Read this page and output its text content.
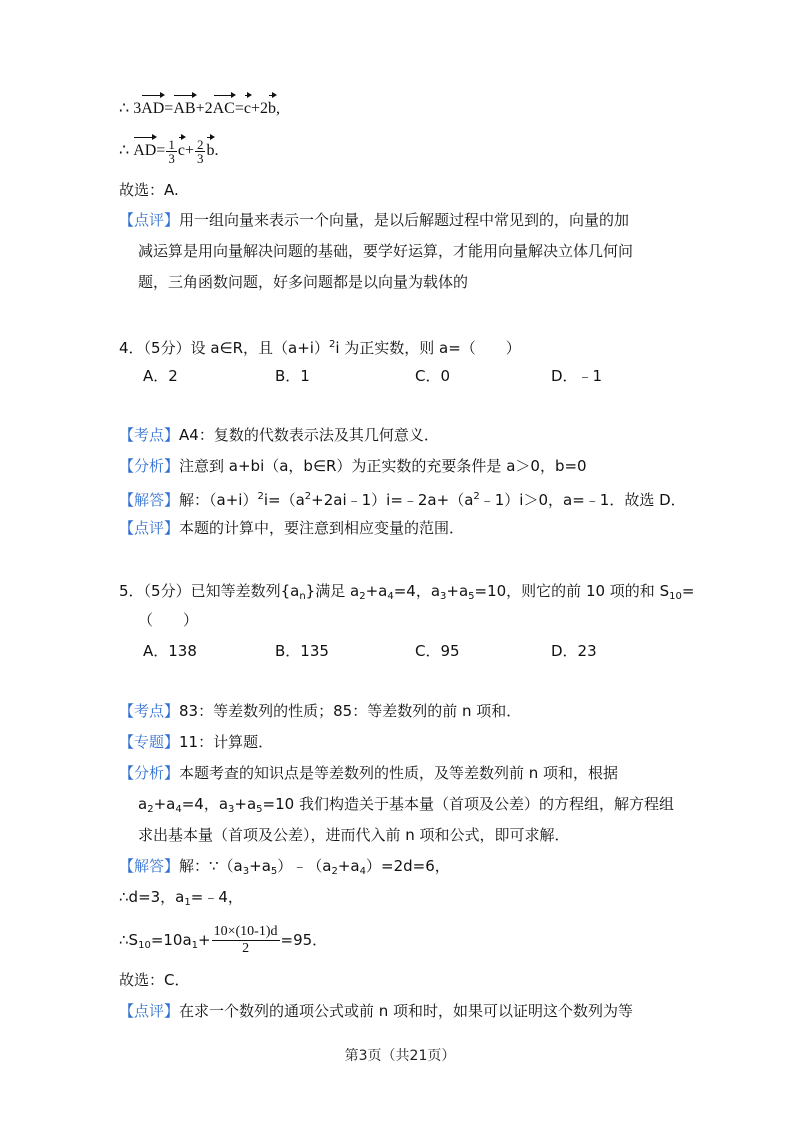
∴ 3AD=AB+2AC=c+2b,
∴ $AD= \frac{1}{3} c+ \frac{2}{3} b$.
故选：A.
【点评】用一组向量来表示一个向量，是以后解题过程中常见到的，向量的加
减运算是用向量解决问题的基础，要学好运算，才能用向量解决立体几何问
题，三角函数问题，好多问题都是以向量为载体的
4．（5分）设 a∈R，且$(a+i)^2i$ 为正实数，则 a=（　　）
A．2	B．1	C．0	D．﹣1
【考点】A4：复数的代数表示法及其几何意义．
【分析】注意到 a+bi（a，b∈R）为正实数的充要条件是 a＞0，b=0
【解答】解：$(a+i)^2i=(a^2+2ai﹣1)i=﹣2a+(a^2﹣1)i>0$，a=﹣1．故选 D．
【点评】本题的计算中，要注意到相应变量的范围．
5．（5分）已知等差数列$\{a_n\}$满足 $a_2+a_4=4$，$a_3+a_5=10$，则它的前 10 项的和 $S_{10}=$
（　　）
A．138	B．135	C．95	D．23
【考点】83：等差数列的性质；85：等差数列的前 n 项和．
【专题】11：计算题．
【分析】本题考查的知识点是等差数列的性质，及等差数列前 n 项和，根据
$a_2+a_4=4$，$a_3+a_5=10$ 我们构造关于基本量（首项及公差）的方程组，解方程组
求出基本量（首项及公差），进而代入前 n 项和公式，即可求解．
【解答】解：$\because(a_3+a_5)﹣(a_2+a_4)=2d=6$，
∴d=3，$a_1=﹣4$，
$\therefore S_{10}=10a_1+ \frac{10\times(10-1)d}{2} =95$．
故选：C．
【点评】在求一个数列的通项公式或前 n 项和时，如果可以证明这个数列为等
第3页（共21页）
